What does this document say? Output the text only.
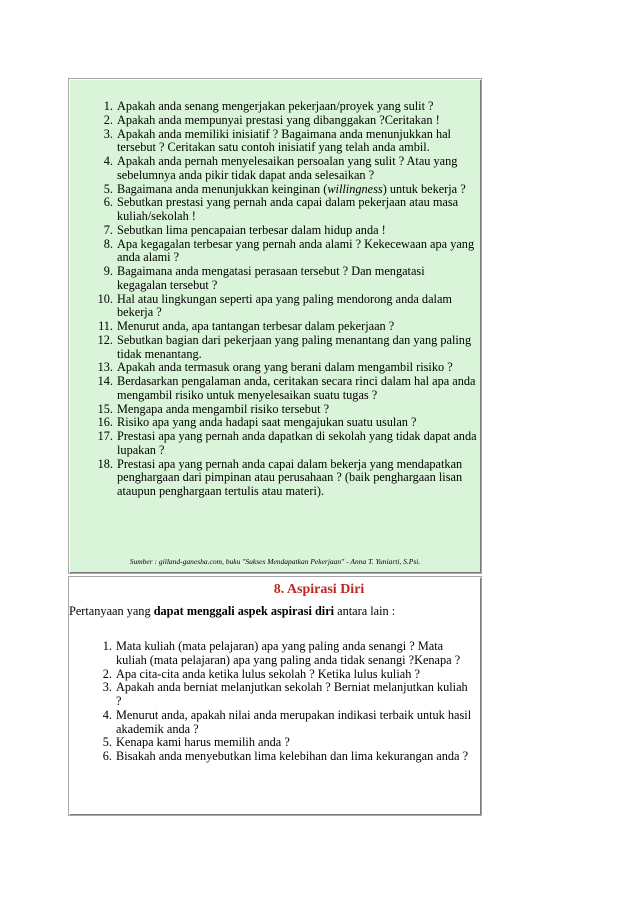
1. Apakah anda senang mengerjakan pekerjaan/proyek yang sulit ?
2. Apakah anda mempunyai prestasi yang dibanggakan ?Ceritakan !
3. Apakah anda memiliki inisiatif ? Bagaimana anda menunjukkan hal tersebut ? Ceritakan satu contoh inisiatif yang telah anda ambil.
4. Apakah anda pernah menyelesaikan persoalan yang sulit ? Atau yang sebelumnya anda pikir tidak dapat anda selesaikan ?
5. Bagaimana anda menunjukkan keinginan (willingness) untuk bekerja ?
6. Sebutkan prestasi yang pernah anda capai dalam pekerjaan atau masa kuliah/sekolah !
7. Sebutkan lima pencapaian terbesar dalam hidup anda !
8. Apa kegagalan terbesar yang pernah anda alami ? Kekecewaan apa yang anda alami ?
9. Bagaimana anda mengatasi perasaan tersebut ? Dan mengatasi kegagalan tersebut ?
10. Hal atau lingkungan seperti apa yang paling mendorong anda dalam bekerja ?
11. Menurut anda, apa tantangan terbesar dalam pekerjaan ?
12. Sebutkan bagian dari pekerjaan yang paling menantang dan yang paling tidak menantang.
13. Apakah anda termasuk orang yang berani dalam mengambil risiko ?
14. Berdasarkan pengalaman anda, ceritakan secara rinci dalam hal apa anda mengambil risiko untuk menyelesaikan suatu tugas ?
15. Mengapa anda mengambil risiko tersebut ?
16. Risiko apa yang anda hadapi saat mengajukan suatu usulan ?
17. Prestasi apa yang pernah anda dapatkan di sekolah yang tidak dapat anda lupakan ?
18. Prestasi apa yang pernah anda capai dalam bekerja yang mendapatkan penghargaan dari pimpinan atau perusahaan ? (baik penghargaan lisan ataupun penghargaan tertulis atau materi).
Sumber : gilland-ganesha.com, buku "Sukses Mendapatkan Pekerjaan" - Anna T. Yuniarti, S.Psi.
8. Aspirasi Diri
Pertanyaan yang dapat menggali aspek aspirasi diri antara lain :
1. Mata kuliah (mata pelajaran) apa yang paling anda senangi ? Mata kuliah (mata pelajaran) apa yang paling anda tidak senangi ?Kenapa ?
2. Apa cita-cita anda ketika lulus sekolah ? Ketika lulus kuliah ?
3. Apakah anda berniat melanjutkan sekolah ? Berniat melanjutkan kuliah ?
4. Menurut anda, apakah nilai anda merupakan indikasi terbaik untuk hasil akademik anda ?
5. Kenapa kami harus memilih anda ?
6. Bisakah anda menyebutkan lima kelebihan dan lima kekurangan anda ?
